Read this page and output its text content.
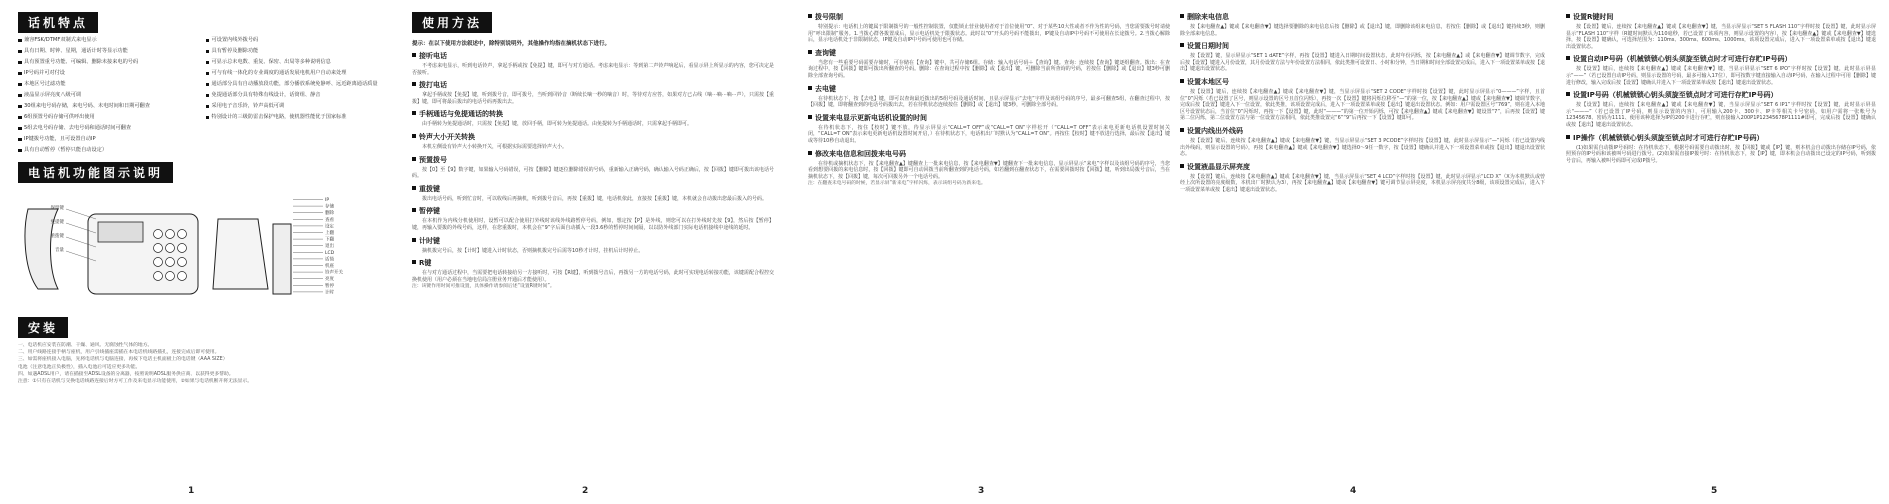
话机特点
兼容FSK/DTMF双制式来电显示
具有日期、时钟、星期，通话计时等显示功能
具有预置重号功能、可编辑、删除未接来电的号码
IP号码并可对付设
本地区号过滤功能
液晶显示屏亮度八级可调
30组来电号码存储，来电号码、未电时间和日期可翻查
6组预置号码存储可供呼出使用
5组去电号码存储、去电号码和通话时间可翻查
IP键拨号功能，且可设置自动IP
具有自动暂停（暂停只能自动设定）
可设置内线外拨号码
具有暂停及删除功能
可显示总未电数、重复、保密、出局等多种说明信息
可与有线一体化的专业调度的通话发展电机用户自动来处理
通话部分具有自动播放段功能，部分播放系统免静呼、远近距离通话质量
免提通话部分具有特殊有线设计，话筒组、静音
采用电子音乐铃，铃声高低可调
特别设计的三级防雷击保护电路，使机器性能优于国家标准
电话机功能图示说明
保留键
免提键
重拨键
音量
IP
存储
删除
查看
设定
上翻
下翻
退出
LCD
话筒
机座
铃声开关
亮度
暂停
计时
安装
一、电话机应安装在防潮、干燥、通风、无腐蚀性气体的地方。
二、用户线路连接手柄与座机，用户引线插座需插在本电话机线路插孔，连接完成后即可使用。
三、如需将座机接入电脑，先将电话机与电脑连接，再按下电话主机面板上的电话键（AAA SIZE）
电池（注意电池正负极性），插入电池后可适应更多功能。
四、如遇ADSL用户，请在插接至ADSL设备的分离器，按照说明ADSL服务供应商、以获得更多帮助。
注意：①只有在话机与交换电话线路连接后时方可工作及来电显示功能使用，②如果与电话机断开将无法显示。
1
使用方法
提示：在以下使用方法叙述中，除特别说明外，其他操作均指在摘机状态下进行。
接听电话
不考虑来电显示，听到电话铃声，拿起手柄或按【免提】键，即可与对方通话。考虑来电显示：等到第二声铃声响起后，看显示屏上所显示的内容，您可决定是否接听。
拨打电话
拿起手柄或按【免提】键，听到拨号音，即可拨号，当听到回铃音（断续长嘀一秒的嘀音）时，等待对方应答，如果对方已占线（嘀···嘀···嘀···声），只需按【重拨】键，即可将最后拨出的电话号码再拨出去。
手柄通话与免提通话的转换
由手柄转为免提通话时，只需按【免提】键，放回手柄，即可转为免提通话。由免提转为手柄通话时，只需拿起手柄即可。
铃声大小开关转换
本机左侧设有铃声大小转换开关，可根据实际需要选择铃声大小。
预置拨号
按【0】至【9】数字键，如果输入号码错误，可按【删除】键逐位删除错误的号码，重新输入正确号码，确认输入号码正确后，按【回拨】键即可拨出该电话号码。
重拨键
拨出电话号码，听到忙音时，可以收线后再摘机，听到拨号音后，再按【重拨】键，电话机依此，直接按【重拨】键，本机就会自动拨出您最后拨入的号码。
暂停键
在本机作为内线分机使用时，设暂可以配合使用打外线时该线外线路暂停号码，例如，想定按【P】是外线，则您可以在打外线时先按【9】，然后按【暂停】键，再输入要拨的外线号码，这样，在您重拨时，本机会在“9”字后面自动插入一段3.6秒的暂停时间间隔，以以防外线部门实际电话机接线中途线的延时。
计时键
摘机拨完号后，按【计时】键进入计时状态，否则摘机拨完号后需等10秒才计时，挂机后计时停止。
R键
在与对方通话过程中，当需要把电话转接给另一方接听时，可按【R键】，听到拨号音后，再拨另一方的电话号码，此时可实现电话转接功能，该键需配合程控交换机使用（用户必须在当地电信局注册业务开通后才能使用）。
注：该键作用时间可推设置，具体操作请参阅后述“设置R键时间”。
2
拨号限制
特别提示：电话机上的键属于限制拨号的一般性控制装置，仅能锁止营业使用者对于首位使用“0”、对于某些10大性或者不作为性的号码，当您需要拨号时请使用“呼出限制”服务。1.当拨心群各拨置成后，显示电话机处于限拨状态。此时以“0”开头的号码不能拨出，IP键及自动IP中号码不可使用在长途拨号。2.当拨心解除后，显示电话机处于非限制状态，IP键及自动IP中号码可使用也可存储。
查询键
当您有一些重要号码需要存储时，可存储在【查询】键中，共可存储6组。存储：输入电话号码＋【查询】键。查询：连续按【查询】键逐组翻查。拨出：在查询过程中，按【回拨】键即可拨出所翻查的号码。删除：在查询过程中按【删除】或【退出】键，可删除当前所查询的号码，若按住【删除】或【退出】键3秒可删除全部查询号码。
去电键
在待机状态下，按【去电】键，即可以查询最近拨出的5组号码及通话时间，且显示屏显示“去电”字样及该组号码的序号，最多可翻查5组，在翻查过程中，按【回拨】键，即将翻查到的电话号码拨出去，若在待机状态连续按住【删除】或【退出】键3秒，可删除全部号码。
设置来电显示更新电话机设置的时间
在待机状态下，按住【校时】键不放，待显示屏显示“CALL=T OFF”或“CALL=T ON”字样松开（“CALL=T OFF”表示来电更新电话机设置时间关闭，“CALL=T ON”表示来电更新电话机设置时间开启，）在待机状态下，电话机出厂时默认为“CALL=T ON”。再按住【校时】键不放进行选择，最后按【退出】键或等待10秒自动退出。
修改来电信息和回拨来电号码
在待机或摘机状态下，按【来电翻查▲】键翻查上一批来电信息，按【来电翻查▼】键翻查下一批来电信息，显示屏显示“来电”字样以及该组号码的序号，当您看到想要回拨的来电信息时，按【回拨】键即可自动回拨当前所翻查到的电话号码，如若翻到在翻查状态下，在需要回拨时按【回拨】键，听到出局拨号音后，当在摘机状态下，按【回拨】键，每次可回拨另外一个电话号码。
注：在翻查未电号码的时候，若显示屏“新来电”字样闪烁，表示该组号码为新来电。
3
删除来电信息
按【来电翻查▲】键或【来电翻查▼】键选择要删除的来电信息后按【删除】或【退出】键，即删除该组来电信息，若按住【删除】或【退出】键持续3秒，则删除全部来电信息。
设置日期时间
按【设置】键，显示屏显示“SET 1 dATE”字样，再按【设置】键进入日期时间设置状态，此时年份闪烁，按【来电翻查▲】或【来电翻查▼】键调节数字，完成后按【设置】键进入月份设置，其月份设置方法与年份设置方法相同，依此类推可设置日、小时和分钟，当日期和时间全部设置完成后，进入下一项设置菜单或按【退出】键退出设置状态。
设置本地区号
按【设置】键后，连续按【来电翻查▲】键或【来电翻查▼】键，当显示屏显示“SET 2 CODE”字样时按【设置】键，此时显示屏显示“0———”字样，且首位“0”闪烁（若已设置了区号，则显示设置的区号且首位闪烁），再按一次【设置】键将闪烁位移至“—”的第一位，按【来电翻查▲】键或【来电翻查▼】键调节数字，完成后按【设置】键进入下一位设置，依此类推，该项设置完成后，进入下一项设置菜单或按【退出】键退出设置状态。例如：用户需设置区号“769”，则在进入本地区号设置状态后，当首位“0”闪烁时，再按一下【设置】键，此时“———”的第一位开始闪烁，可按【来电翻查▲】键或【来电翻查▼】键设置“7”，后再按【设置】键第二位闪烁，第二位设置方法与第一位设置方法相同，依此类推设置完“6”“9”后再按一下【设置】键即可。
设置内线出外线码
按【设置】键后，连续按【来电翻查▲】键或【来电翻查▼】键，当显示屏显示“SET 3 PCODE”字样时按【设置】键，此时显示屏显示“—”闪烁（若已设置内线出外线码，则显示设置的号码），再按【来电翻查▲】键或【来电翻查▼】键选择0～9任一数字，按【设置】键确认并进入下一项设置菜单或按【退出】键退出设置状态。
设置液晶显示屏亮度
按【设置】键后，连续按【来电翻查▲】键或【来电翻查▼】键，当显示屏显示“SET 4 LCD”字样时按【设置】键，此时显示屏显示“LCD X”（X为本机默认或曾经上次所设置的亮度级数，本机出厂时默认为3），再按【来电翻查▲】键或【来电翻查▼】键可调节显示屏亮度，本机显示屏亮度共分8级，该项设置完成后，进入下一项设置菜单或按【退出】键退出设置状态。
4
设置R键时间
按【设置】键后，连续按【来电翻查▲】键或【来电翻查▼】键，当显示屏显示“SET 5 FLASH 110”字样时按【设置】键，此时显示屏显示“FLASH 110”字样（R键时间默认为110毫秒，若已设置了该项内容，则显示设置的内容），按【来电翻查▲】键或【来电翻查▼】键选择，按【设置】键确认，可选择范围为：110ms、300ms、600ms、1000ms，该项设置完成后，进入下一项设置菜单或按【退出】键退出设置状态。
设置自动IP号码（机械锁锁心钥头须旋至锁点时才可进行存贮IP号码）
按【设置】键后，连续按【来电翻查▲】键或【来电翻查▼】键，当显示屏显示“SET 6 IPO”字样时按【设置】键，此时显示屏显示“——”（若已设置自动IP号码，则显示设置的号码，最多可输入17位），即可按数字键直接输入自动IP号码，在输入过程中可用【删除】键进行修改，输入完成后按【设置】键确认并进入下一项设置菜单或按【退出】键退出设置状态。
设置IP号码（机械锁锁心钥头须旋至锁点时才可进行存贮IP号码）
按【设置】键后，连续按【来电翻查▲】键或【来电翻查▼】键，当显示屏显示“SET 6 IP1”字样时按【设置】键，此时显示屏显示“———”（若已设置了IP号码，则显示设置的内容），可用输入200卡、300卡、IP卡等相关卡号密码，如用户需将一张帐号为12345678、密码为1111、使用该种选择为IP的200卡进行存贮，则直接输入200P1P12345678P1111#即可，完成后按【设置】键确认或按【退出】键退出设置状态。
IP操作（机械锁锁心钥头须旋至锁点时才可进行存贮IP号码）
(1)如果需自动拨IP号码时：在待机状态下，根据号码需要自动拨出时，按【回拨】键或【IP】键，则本机会自动拨出存储在IP号码，依照预存的IP号码和该被叫号码进行拨号。(2)如果需直接IP拨号时：在待机状态下，按【IP】键，即本机会自动拨出已设定的IP号码，听到拨号音后，再输入被叫号码即可完成IP拨号。
5
